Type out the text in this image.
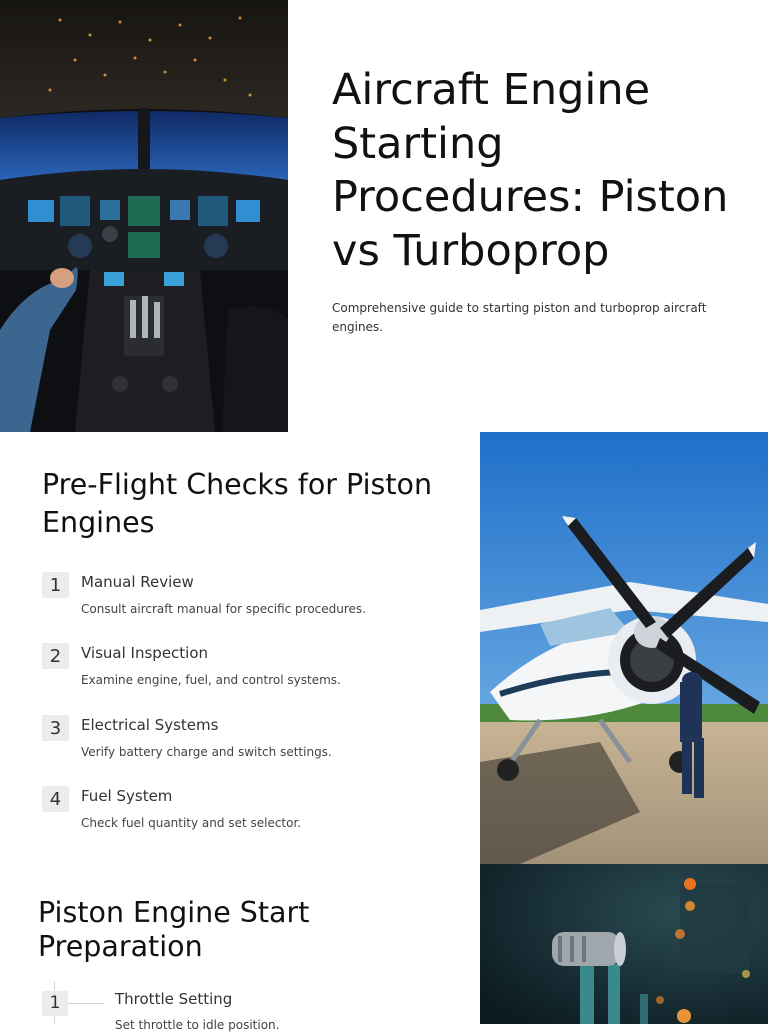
Aircraft Engine Starting Procedures: Piston vs Turboprop

Comprehensive guide to starting piston and turboprop aircraft engines.

Pre-Flight Checks for Piston Engines
1	Manual Review
Consult aircraft manual for specific procedures.
2	Visual Inspection
Examine engine, fuel, and control systems.
3	Electrical Systems
Verify battery charge and switch settings.
4	Fuel System
Check fuel quantity and set selector.
Piston Engine Start Preparation
1	Throttle Setting
Set throttle to idle position.
